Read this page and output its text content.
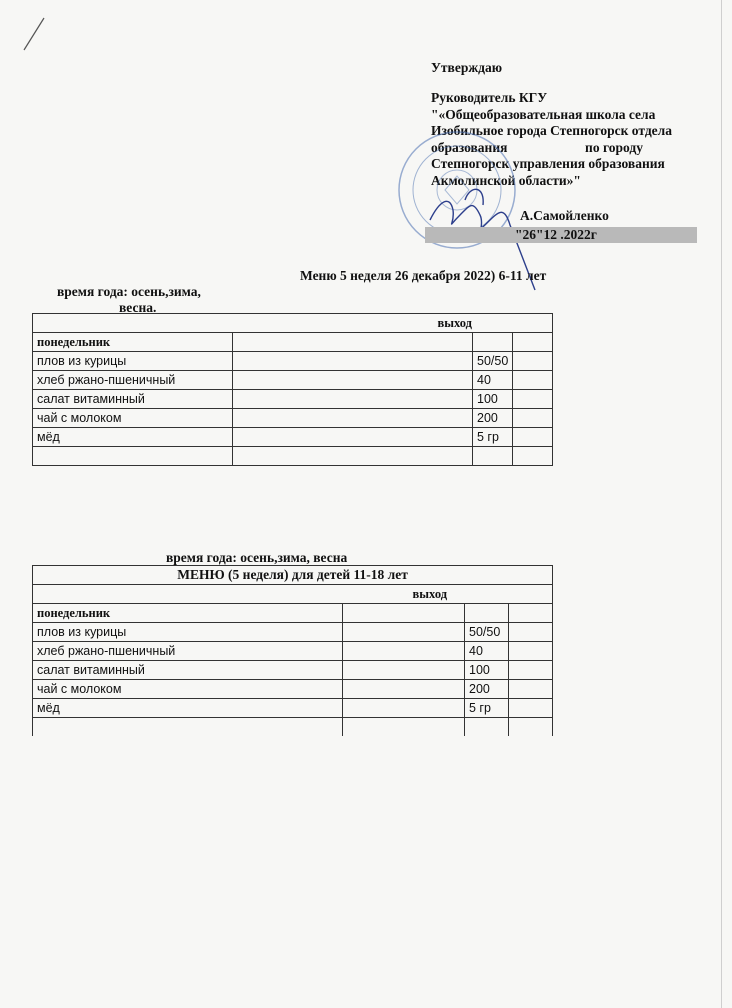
Утверждаю
Руководитель КГУ
"«Общеобразовательная школа села
Изобильное города Степногорск отдела
образования                       по городу
Степногорск управления образования
Акмолинской области»"
А.Самойленко
"26"12 .2022г
Меню 5 неделя 26 декабря 2022) 6-11 лет
время года: осень,зима,
весна.
выход			
понедельник			
плов из курицы		50/50	
хлеб ржано-пшеничный		40	
салат витаминный		100	
чай с молоком		200	
мёд		5 гр	

время года: осень,зима, весна
МЕНЮ (5 неделя) для детей 11-18 лет			
выход			
понедельник			
плов из курицы		50/50	
хлеб ржано-пшеничный		40	
салат витаминный		100	
чай с молоком		200	
мёд		5 гр	
